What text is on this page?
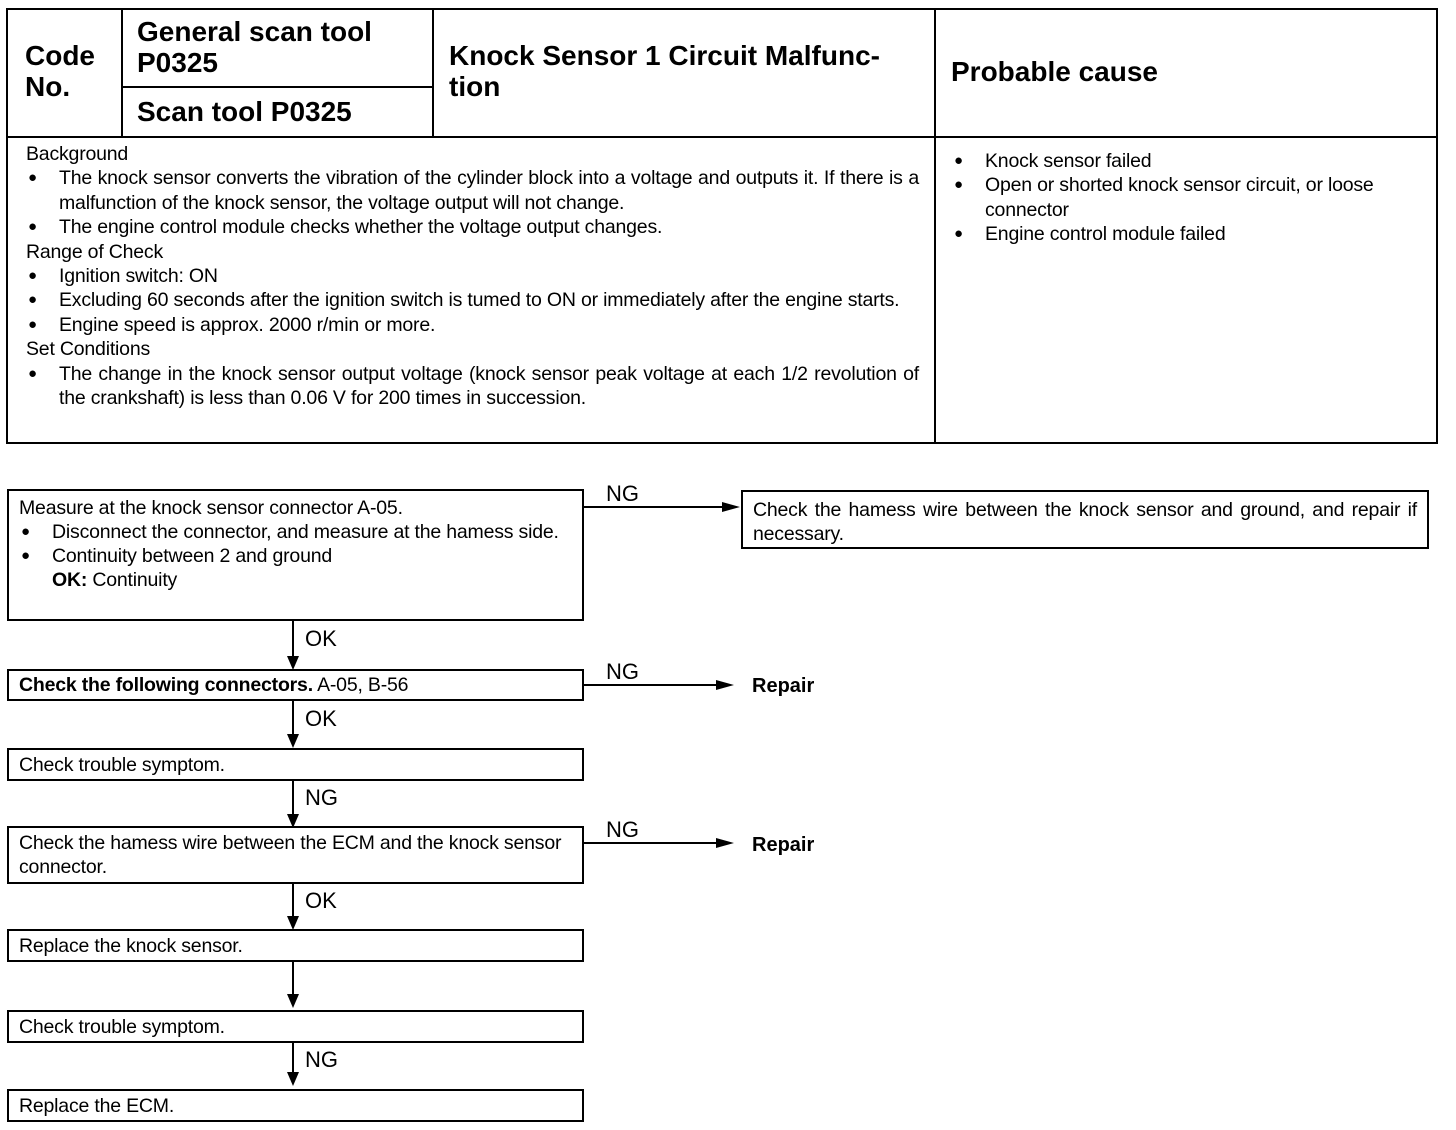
Code No.
General scan tool P0325
Scan tool P0325
Knock Sensor 1 Circuit Malfunc-tion	Probable cause
Background
● The knock sensor converts the vibration of the cylinder block into a voltage and outputs it. If there is a malfunction of the knock sensor, the voltage output will not change.
● The engine control module checks whether the voltage output changes.
Range of Check
● Ignition switch: ON
● Excluding 60 seconds after the ignition switch is tumed to ON or immediately after the engine starts.
● Engine speed is approx. 2000 r/min or more.
Set Conditions
● The change in the knock sensor output voltage (knock sensor peak voltage at each 1/2 revolution of the crankshaft) is less than 0.06 V for 200 times in succession.
● Knock sensor failed
● Open or shorted knock sensor circuit, or loose connector
● Engine control module failed
Measure at the knock sensor connector A-05.
● Disconnect the connector, and measure at the hamess side.
● Continuity between 2 and ground
OK: Continuity
NG
Check the hamess wire between the knock sensor and ground, and repair if necessary.
OK
Check the following connectors. A-05, B-56
NG
Repair
OK
Check trouble symptom.
NG
Check the hamess wire between the ECM and the knock sensor connector.
NG
Repair
OK
Replace the knock sensor.
Check trouble symptom.
NG
Replace the ECM.
